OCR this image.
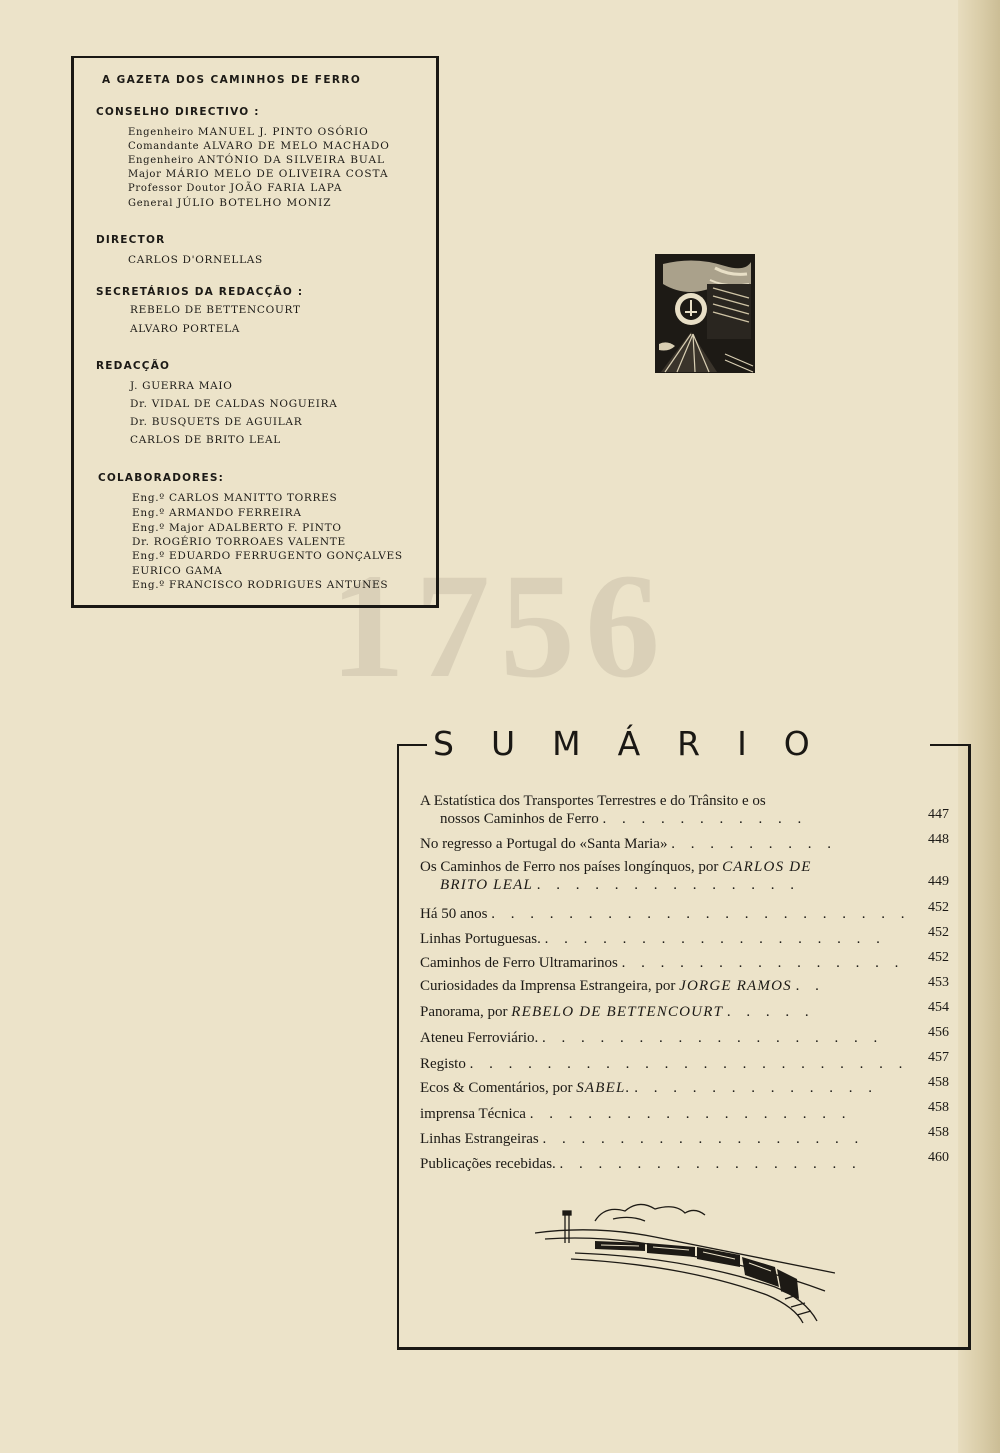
1756
A GAZETA DOS CAMINHOS DE FERRO
CONSELHO DIRECTIVO :
Engenheiro MANUEL J. PINTO OSÓRIO
Comandante ALVARO DE MELO MACHADO
Engenheiro ANTÓNIO DA SILVEIRA BUAL
Major MÁRIO MELO DE OLIVEIRA COSTA
Professor Doutor JOÃO FARIA LAPA
General JÚLIO BOTELHO MONIZ
DIRECTOR
CARLOS D'ORNELLAS
SECRETÁRIOS DA REDACÇÃO :
REBELO DE BETTENCOURT
ALVARO PORTELA
REDACÇÃO
J. GUERRA MAIO
Dr. VIDAL DE CALDAS NOGUEIRA
Dr. BUSQUETS DE AGUILAR
CARLOS DE BRITO LEAL
COLABORADORES:
Eng.º CARLOS MANITTO TORRES
Eng.º ARMANDO FERREIRA
Eng.º Major ADALBERTO F. PINTO
Dr. ROGÉRIO TORROAES VALENTE
Eng.º EDUARDO FERRUGENTO GONÇALVES
EURICO GAMA
Eng.º FRANCISCO RODRIGUES ANTUNES
SUMÁRIO
A Estatística dos Transportes Terrestres e do Trânsito e os
nossos Caminhos de Ferro . . . . . . . . . . .	447
No regresso a Portugal do «Santa Maria» . . . . . . . . .	448
Os Caminhos de Ferro nos países longínquos, por CARLOS DE
BRITO LEAL . . . . . . . . . . . . . .	449
Há 50 anos . . . . . . . . . . . . . . . . . . . . . .	452
Linhas Portuguesas. . . . . . . . . . . . . . . . . . .	452
Caminhos de Ferro Ultramarinos . . . . . . . . . . . . . . .	452
Curiosidades da Imprensa Estrangeira, por JORGE RAMOS . .	453
Panorama, por REBELO DE BETTENCOURT . . . . .	454
Ateneu Ferroviário. . . . . . . . . . . . . . . . . . .	456
Registo . . . . . . . . . . . . . . . . . . . . . . .	457
Ecos & Comentários, por SABEL. . . . . . . . . . . . . .	458
imprensa Técnica . . . . . . . . . . . . . . . . .	458
Linhas Estrangeiras . . . . . . . . . . . . . . . . .	458
Publicações recebidas. . . . . . . . . . . . . . . . .	460
